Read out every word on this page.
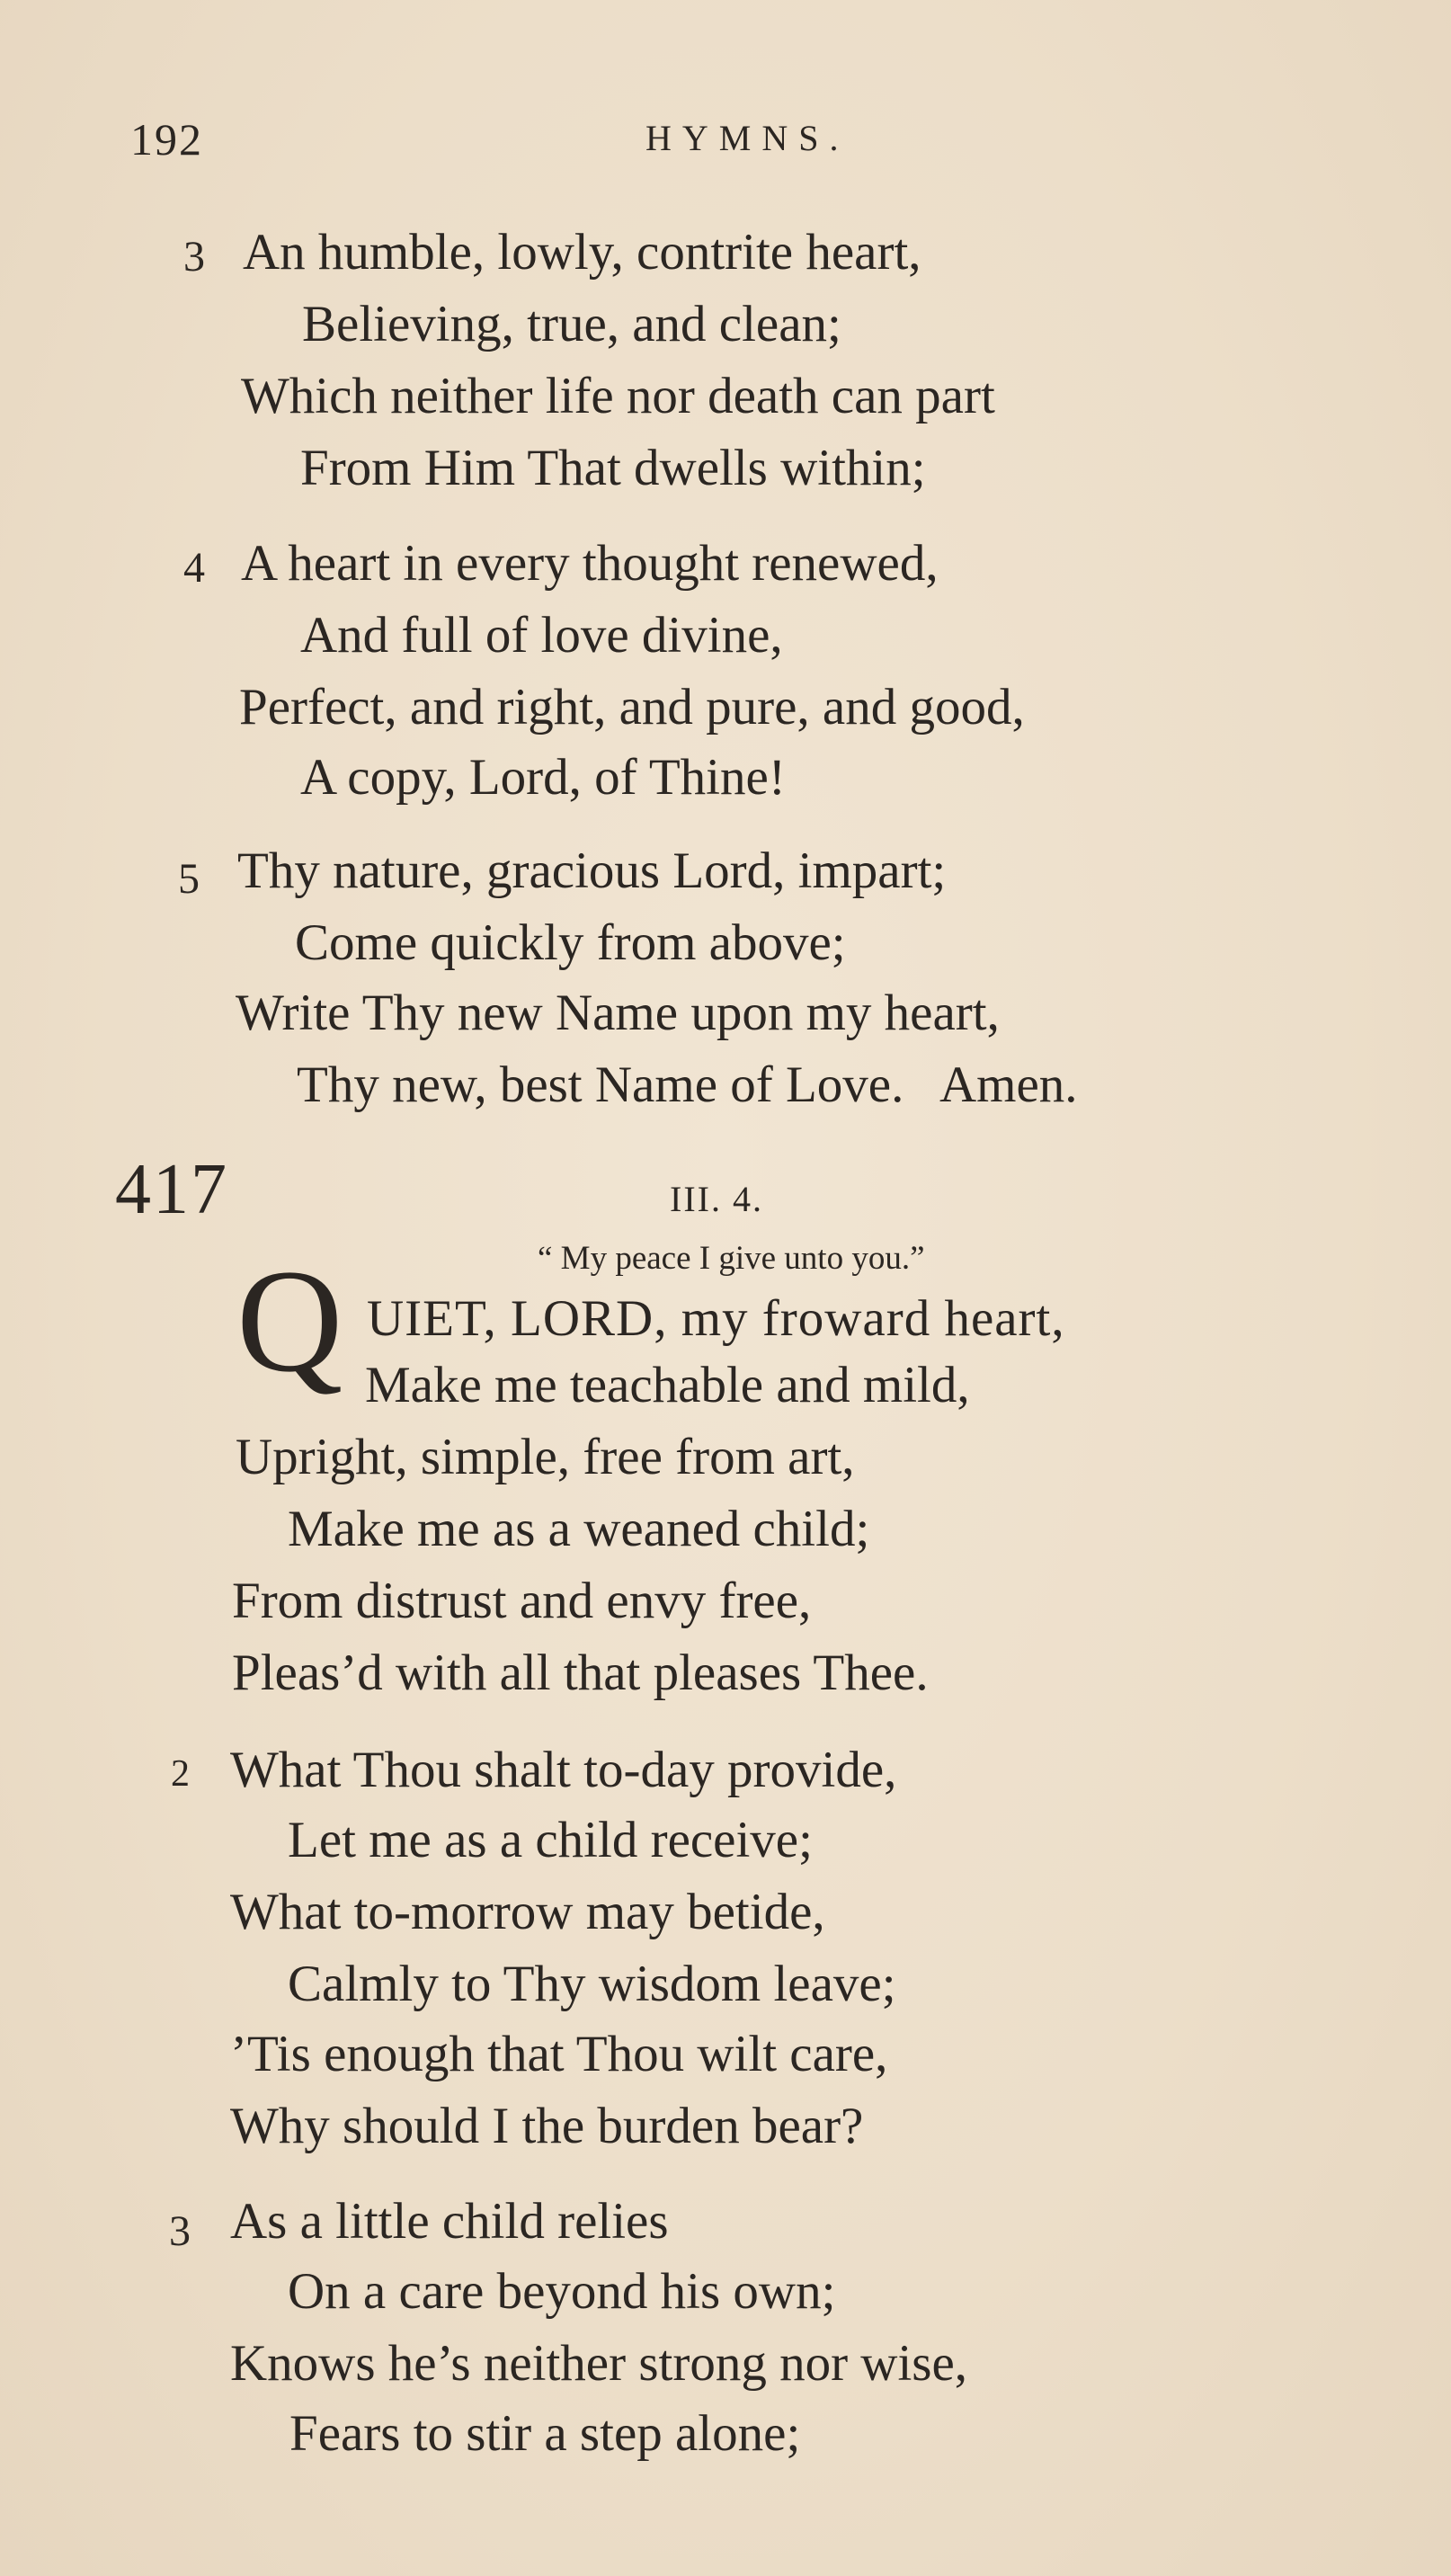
192	HYMNS.
3 An humble, lowly, contrite heart,
Believing, true, and clean;
Which neither life nor death can part
From Him That dwells within;
4 A heart in every thought renewed,
And full of love divine,
Perfect, and right, and pure, and good,
A copy, Lord, of Thine!
5 Thy nature, gracious Lord, impart;
Come quickly from above;
Write Thy new Name upon my heart,
Thy new, best Name of Love.   Amen.
417	III. 4.
“ My peace I give unto you.”
Q UIET, LORD, my froward heart,
Make me teachable and mild,
Upright, simple, free from art,
Make me as a weaned child;
From distrust and envy free,
Pleas’d with all that pleases Thee.
2 What Thou shalt to-day provide,
Let me as a child receive;
What to-morrow may betide,
Calmly to Thy wisdom leave;
’Tis enough that Thou wilt care,
Why should I the burden bear?
3 As a little child relies
On a care beyond his own;
Knows he’s neither strong nor wise,
Fears to stir a step alone;
